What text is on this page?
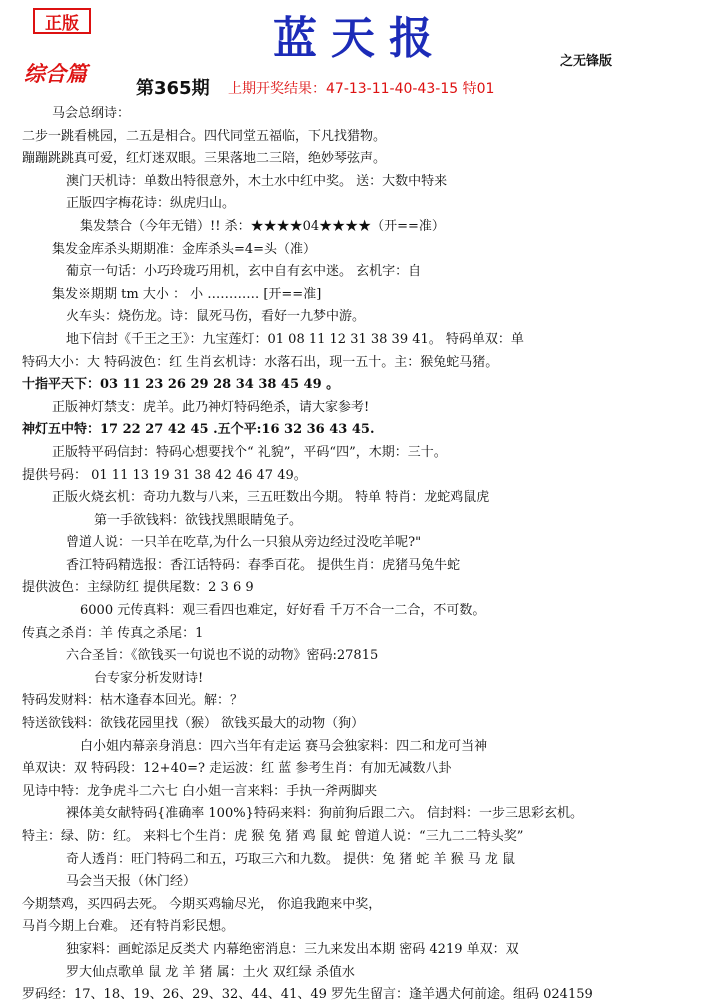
正版	蓝天报	之无锋版
综合篇
第365期 上期开奖结果：47-13-11-40-43-15 特01
马会总纲诗：
二步一跳看桃园，二五是相合。四代同堂五福临，下凡找猎物。
蹦蹦跳跳真可爱，红灯迷双眼。三果落地二三陪，绝妙琴弦声。
澳门天机诗：单数出特很意外，木土水中红中奖。 送：大数中特来
正版四字梅花诗：纵虎归山。
集发禁合（今年无错）!! 杀：★★★★04★★★★（开==准）
集发金库杀头期期准：金库杀头=4=头（准）
葡京一句话：小巧玲珑巧用机，玄中自有玄中迷。 玄机字：自
集发※期期 tm 大小 ： 小 ………… [开==准]
火车头：烧伤龙。诗：鼠死马伤，看好一九梦中游。
地下信封《千王之王》：九宝莲灯：01 08 11 12 31 38 39 41。 特码单双：单
特码大小：大 特码波色：红 生肖玄机诗：水落石出，现一五十。主：猴兔蛇马猪。
十指平天下：03 11 23 26 29 28 34 38 45 49 。
正版神灯禁支：虎羊。此乃神灯特码绝杀，请大家参考!
神灯五中特：17 22 27 42 45 .五个平:16 32 36 43 45.
正版特平码信封：特码心想要找个“ 礼貌”，平码“四”，木期：三十。
提供号码： 01 11 13 19 31 38 42 46 47 49。
正版火烧玄机：奇功九数与八来，三五旺数出今期。 特单 特肖：龙蛇鸡鼠虎
第一手欲钱料：欲钱找黑眼睛兔子。
曾道人说：一只羊在吃草,为什么一只狼从旁边经过没吃羊呢?"
香江特码精选报：香江话特码：春季百花。 提供生肖：虎猪马兔牛蛇
提供波色：主绿防红 提供尾数：2 3 6 9
6000 元传真料：观三看四也难定，好好看 千万不合一二合，不可数。
传真之杀肖：羊 传真之杀尾：1
六合圣旨：《欲钱买一句说也不说的动物》密码:27815
台专家分析发财诗!
特码发财料：枯木逢春本回光。解：？
特送欲钱料：欲钱花园里找（猴） 欲钱买最大的动物（狗）
白小姐内幕亲身消息：四六当年有走运 赛马会独家料：四二和龙可当神
单双诀：双 特码段：12+40=? 走运波：红 蓝 参考生肖：有加无减数八卦
见诗中特：龙争虎斗二六七 白小姐一言来料：手执一斧两脚夹
裸体美女献特码{准确率 100%}特码来料：狗前狗后跟二六。 信封料：一步三思彩玄机。
特主：绿、防：红。 来料七个生肖：虎 猴 兔 猪 鸡 鼠 蛇 曾道人说：“三九二二特头奖”
奇人透肖：旺门特码二和五，巧取三六和九数。 提供：兔 猪 蛇 羊 猴 马 龙 鼠
马会当天报（休门经）
今期禁鸡，买四码去死。 今期买鸡输尽光， 你追我跑来中奖，
马肖今期上台难。 还有特肖彩民想。
独家料：画蛇添足反类犬 内幕绝密消息：三九来发出本期 密码 4219 单双：双
罗大仙点歌单 鼠 龙 羊 猪 属：土火 双红绿 杀值水
罗码经：17、18、19、26、29、32、44、41、49 罗先生留言：逢羊遇犬何前途。组码 024159
